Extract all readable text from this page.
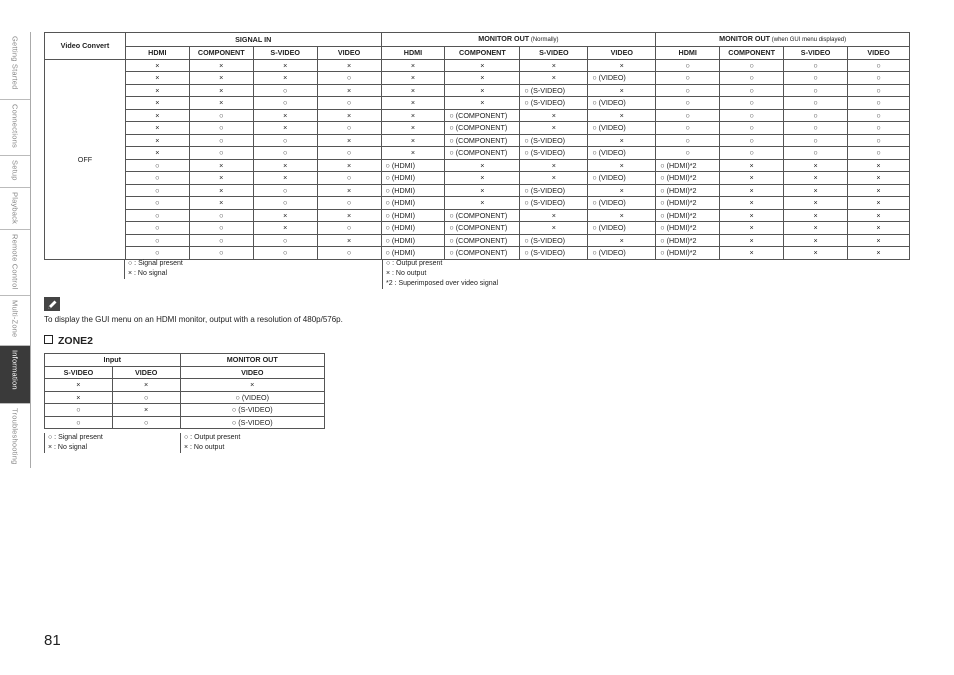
Getting Started
Connections
Setup
Playback
Remote Control
Multi-Zone
Information
Troubleshooting
Video Convert	SIGNAL IN				MONITOR OUT (Normally)				MONITOR OUT (when GUI menu displayed)			
	HDMI	COMPONENT	S-VIDEO	VIDEO	HDMI	COMPONENT	S-VIDEO	VIDEO	HDMI	COMPONENT	S-VIDEO	VIDEO
OFF	×	×	×	×	×	×	×	×	○	○	○	○
	×	×	×	○	×	×	×	○ (VIDEO)	○	○	○	○
	×	×	○	×	×	×	○ (S-VIDEO)	×	○	○	○	○
	×	×	○	○	×	×	○ (S-VIDEO)	○ (VIDEO)	○	○	○	○
	×	○	×	×	×	○ (COMPONENT)	×	×	○	○	○	○
	×	○	×	○	×	○ (COMPONENT)	×	○ (VIDEO)	○	○	○	○
	×	○	○	×	×	○ (COMPONENT)	○ (S-VIDEO)	×	○	○	○	○
	×	○	○	○	×	○ (COMPONENT)	○ (S-VIDEO)	○ (VIDEO)	○	○	○	○
	○	×	×	×	○ (HDMI)	×	×	×	○ (HDMI)*2	×	×	×
	○	×	×	○	○ (HDMI)	×	×	○ (VIDEO)	○ (HDMI)*2	×	×	×
	○	×	○	×	○ (HDMI)	×	○ (S-VIDEO)	×	○ (HDMI)*2	×	×	×
	○	×	○	○	○ (HDMI)	×	○ (S-VIDEO)	○ (VIDEO)	○ (HDMI)*2	×	×	×
	○	○	×	×	○ (HDMI)	○ (COMPONENT)	×	×	○ (HDMI)*2	×	×	×
	○	○	×	○	○ (HDMI)	○ (COMPONENT)	×	○ (VIDEO)	○ (HDMI)*2	×	×	×
	○	○	○	×	○ (HDMI)	○ (COMPONENT)	○ (S-VIDEO)	×	○ (HDMI)*2	×	×	×
	○	○	○	○	○ (HDMI)	○ (COMPONENT)	○ (S-VIDEO)	○ (VIDEO)	○ (HDMI)*2	×	×	×
○ : Signal present
× : No signal
○ : Output present
× : No output
*2 : Superimposed over video signal
To display the GUI menu on an HDMI monitor, output with a resolution of 480p/576p.
ZONE2
Input		MONITOR OUT
S-VIDEO	VIDEO	VIDEO
×	×	×
×	○	○ (VIDEO)
○	×	○ (S-VIDEO)
○	○	○ (S-VIDEO)
○ : Signal present
× : No signal
○ : Output present
× : No output
81
